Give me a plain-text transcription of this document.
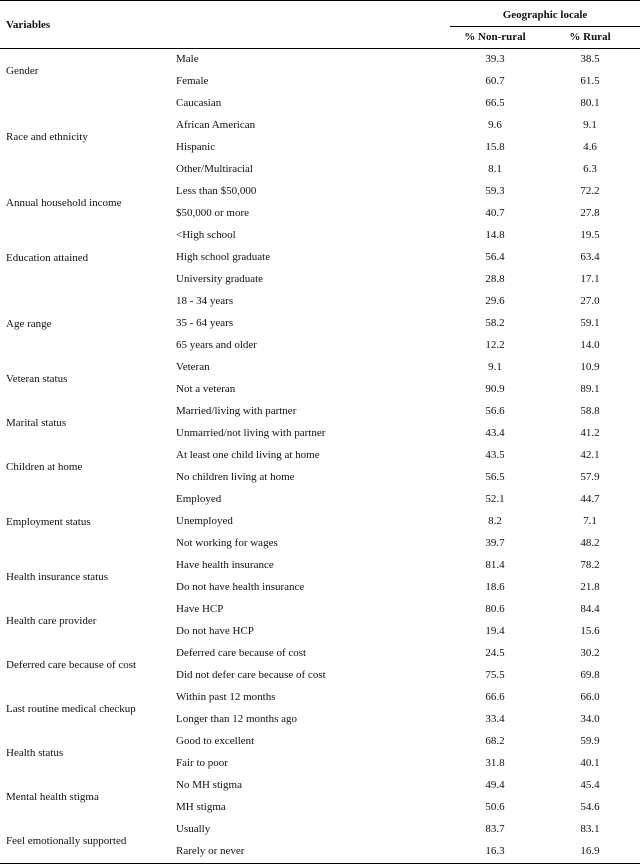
Variables
Geographic locale
% Non-rural	% Rural
Gender
Male	39.3	38.5
Female	60.7	61.5
Race and ethnicity
Caucasian	66.5	80.1
African American	9.6	9.1
Hispanic	15.8	4.6
Other/Multiracial	8.1	6.3
Annual household income
Less than $50,000	59.3	72.2
$50,000 or more	40.7	27.8
Education attained
<High school	14.8	19.5
High school graduate	56.4	63.4
University graduate	28.8	17.1
Age range
18 - 34 years	29.6	27.0
35 - 64 years	58.2	59.1
65 years and older	12.2	14.0
Veteran status
Veteran	9.1	10.9
Not a veteran	90.9	89.1
Marital status
Married/living with partner	56.6	58.8
Unmarried/not living with partner	43.4	41.2
Children at home
At least one child living at home	43.5	42.1
No children living at home	56.5	57.9
Employment status
Employed	52.1	44.7
Unemployed	8.2	7.1
Not working for wages	39.7	48.2
Health insurance status
Have health insurance	81.4	78.2
Do not have health insurance	18.6	21.8
Health care provider
Have HCP	80.6	84.4
Do not have HCP	19.4	15.6
Deferred care because of cost
Deferred care because of cost	24.5	30.2
Did not defer care because of cost	75.5	69.8
Last routine medical checkup
Within past 12 months	66.6	66.0
Longer than 12 months ago	33.4	34.0
Health status
Good to excellent	68.2	59.9
Fair to poor	31.8	40.1
Mental health stigma
No MH stigma	49.4	45.4
MH stigma	50.6	54.6
Feel emotionally supported
Usually	83.7	83.1
Rarely or never	16.3	16.9
